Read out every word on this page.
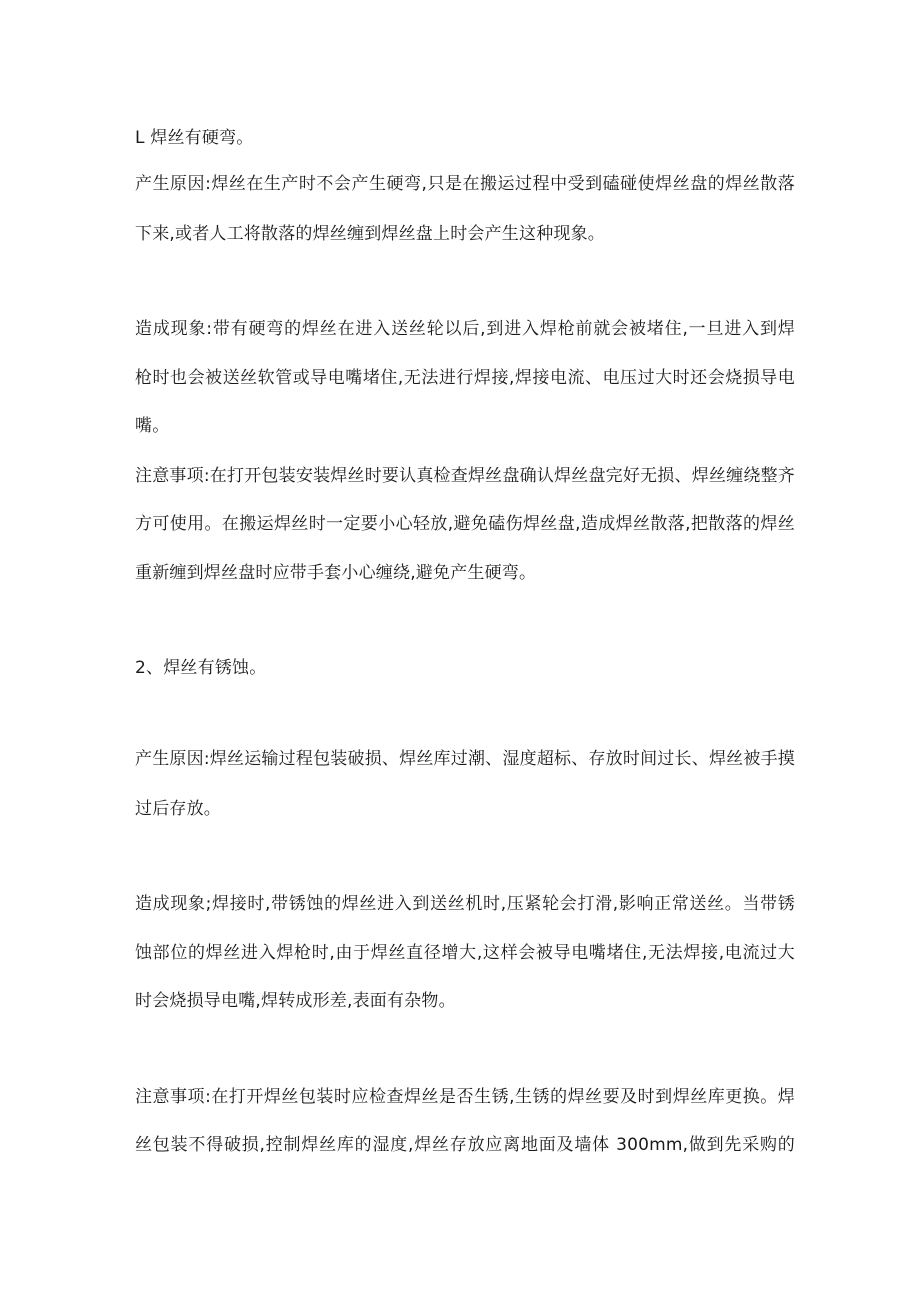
L 焊丝有硬弯。
产生原因:焊丝在生产时不会产生硬弯,只是在搬运过程中受到磕碰使焊丝盘的焊丝散落
下来,或者人工将散落的焊丝缠到焊丝盘上时会产生这种现象。
造成现象:带有硬弯的焊丝在进入送丝轮以后,到进入焊枪前就会被堵住,一旦进入到焊
枪时也会被送丝软管或导电嘴堵住,无法进行焊接,焊接电流、电压过大时还会烧损导电
嘴。
注意事项:在打开包装安装焊丝时要认真检查焊丝盘确认焊丝盘完好无损、焊丝缠绕整齐
方可使用。在搬运焊丝时一定要小心轻放,避免磕伤焊丝盘,造成焊丝散落,把散落的焊丝
重新缠到焊丝盘时应带手套小心缠绕,避免产生硬弯。
2、焊丝有锈蚀。
产生原因:焊丝运输过程包装破损、焊丝库过潮、湿度超标、存放时间过长、焊丝被手摸
过后存放。
造成现象;焊接时,带锈蚀的焊丝进入到送丝机时,压紧轮会打滑,影响正常送丝。当带锈
蚀部位的焊丝进入焊枪时,由于焊丝直径增大,这样会被导电嘴堵住,无法焊接,电流过大
时会烧损导电嘴,焊转成形差,表面有杂物。
注意事项:在打开焊丝包装时应检查焊丝是否生锈,生锈的焊丝要及时到焊丝库更换。焊
丝包装不得破损,控制焊丝库的湿度,焊丝存放应离地面及墙体 300mm,做到先采购的
